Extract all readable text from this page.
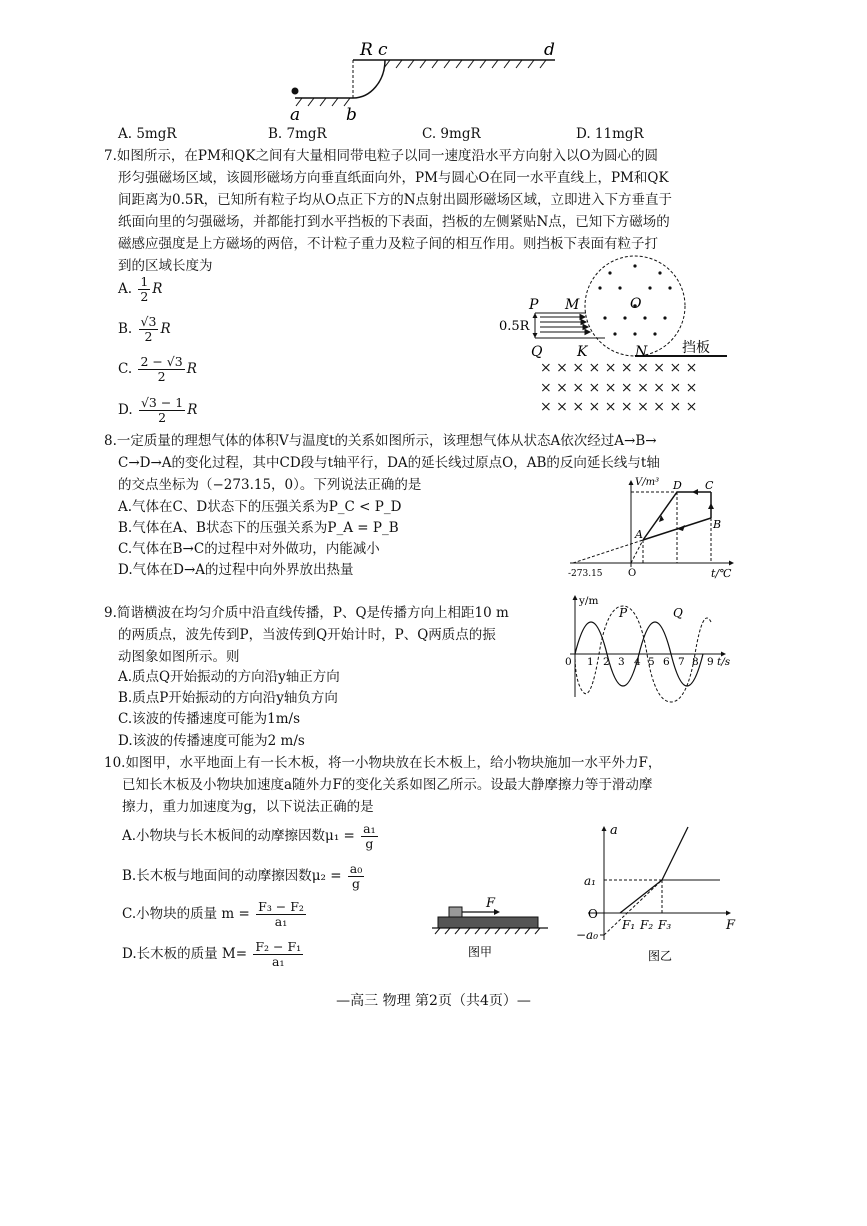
R c	d
a	b
A. 5mgR	B. 7mgR	C. 9mgR	D. 11mgR
7.如图所示，在PM和QK之间有大量相同带电粒子以同一速度沿水平方向射入以O为圆心的圆
形匀强磁场区域，该圆形磁场方向垂直纸面向外，PM与圆心O在同一水平直线上，PM和QK
间距离为0.5R，已知所有粒子均从O点正下方的N点射出圆形磁场区域，立即进入下方垂直于
纸面向里的匀强磁场，并都能打到水平挡板的下表面，挡板的左侧紧贴N点，已知下方磁场的
磁感应强度是上方磁场的两倍，不计粒子重力及粒子间的相互作用。则挡板下表面有粒子打
到的区域长度为
A. $\frac{1}{2}$ R
B. $\frac{√3}{2}$ R
C. $\frac{2 - √3}{2}$ R
D. $\frac{√3 - 1}{2}$ R
P M	O
0.5R
Q K	N 挡板
× × × × × × × × × ×
× × × × × × × × × ×
× × × × × × × × × ×
8.一定质量的理想气体的体积V与温度t的关系如图所示，该理想气体从状态A依次经过A→B→
C→D→A的变化过程，其中CD段与t轴平行，DA的延长线过原点O，AB的反向延长线与t轴
的交点坐标为（−273.15，0）。下列说法正确的是
A.气体在C、D状态下的压强关系为P_C < P_D
B.气体在A、B状态下的压强关系为P_A = P_B
C.气体在B→C的过程中对外做功，内能减小
D.气体在D→A的过程中向外界放出热量
V/m³
t/℃
O
-273.15
A
B
C
D
9.简谐横波在均匀介质中沿直线传播，P、Q是传播方向上相距10 m
的两质点，波先传到P，当波传到Q开始计时，P、Q两质点的振
动图象如图所示。则
A.质点Q开始振动的方向沿y轴正方向
B.质点P开始振动的方向沿y轴负方向
C.该波的传播速度可能为1m/s
D.该波的传播速度可能为2 m/s
0 1 2 3 4 5 6 7 8 9
y/m
t/s
P	Q
10.如图甲，水平地面上有一长木板，将一小物块放在长木板上，给小物块施加一水平外力F，
已知长木板及小物块加速度a随外力F的变化关系如图乙所示。设最大静摩擦力等于滑动摩
擦力，重力加速度为g，以下说法正确的是
A.小物块与长木板间的动摩擦因数$\mu_1 = \frac{\text{a₁}}{g}$
B.长木板与地面间的动摩擦因数$\mu_2 = \frac{\text{a₀}}{g}$
C.小物块的质量 $m = \frac{\text{F₃ − F₂}}{\text{a₁}}$
D.长木板的质量 $M= \frac{\text{F₂ − F₁}}{\text{a₁}}$
F
图甲
a
F
O
a₁
−a₀
F₁ F₂ F₃
图乙
—高三 物理 第2页（共4页）—
